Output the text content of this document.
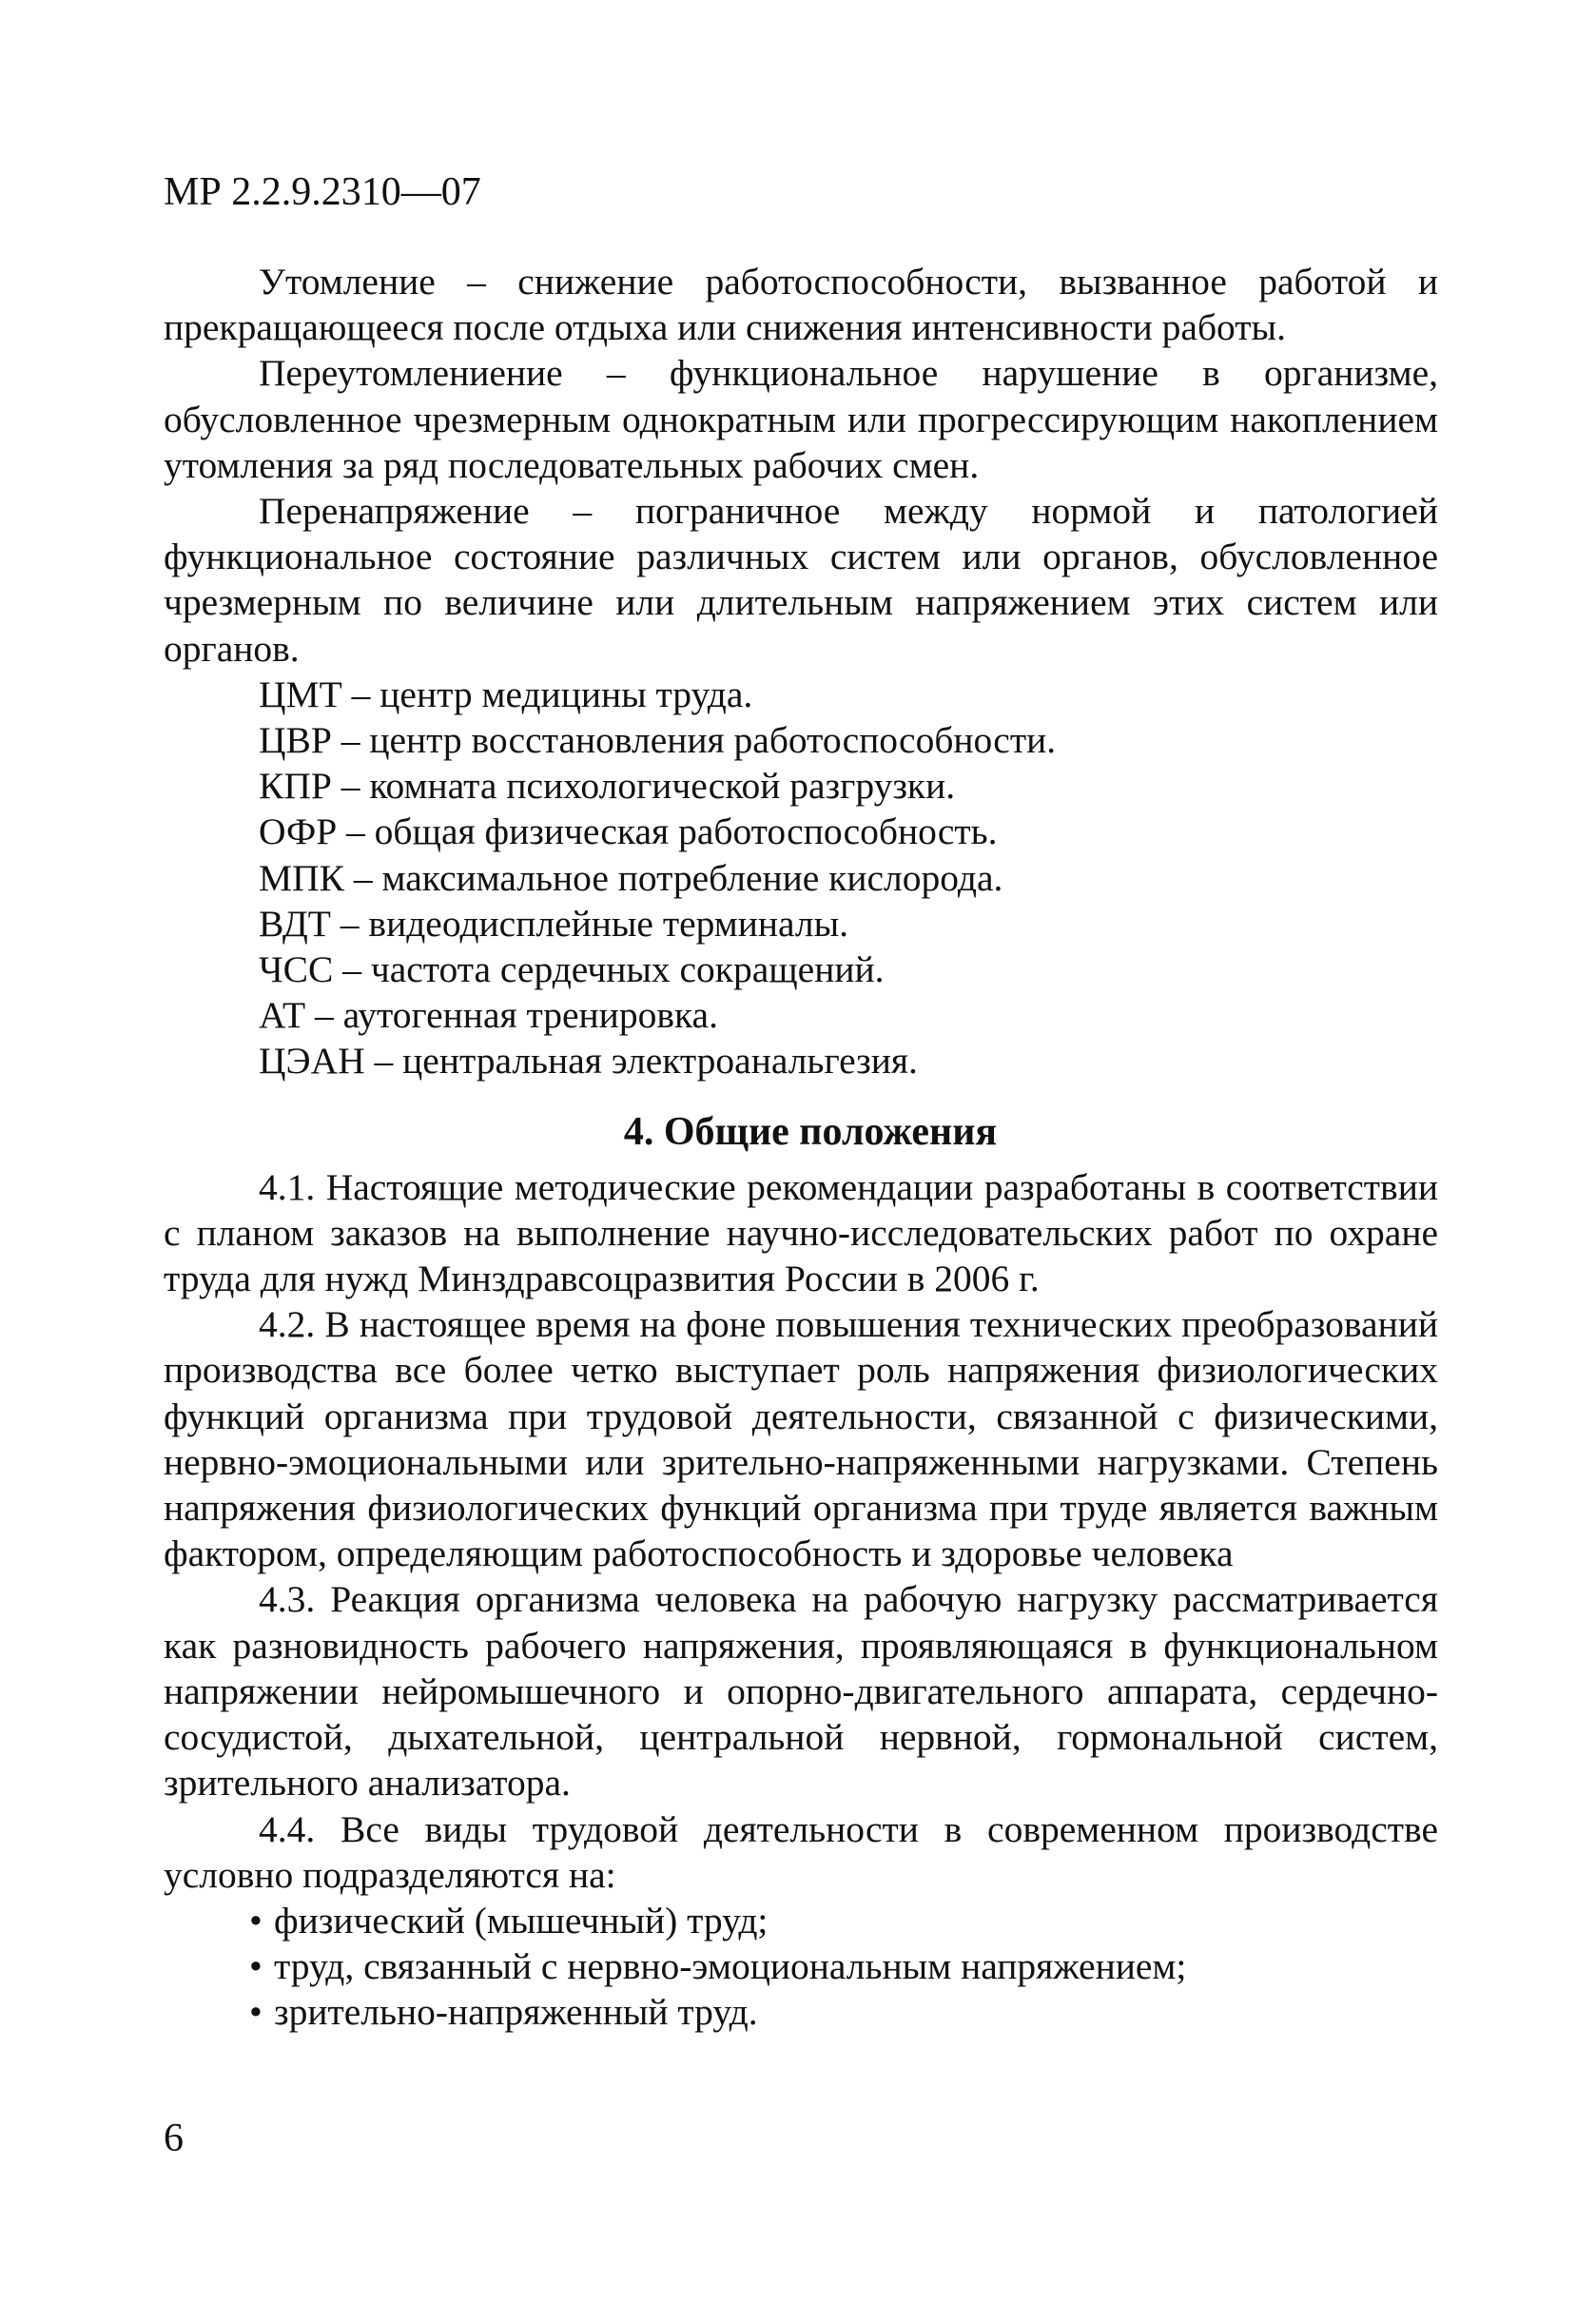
МР 2.2.9.2310—07

Утомление – снижение работоспособности, вызванное работой и прекращающееся после отдыха или снижения интенсивности работы.

Переутомлениение – функциональное нарушение в организме, обусловленное чрезмерным однократным или прогрессирующим накоплением утомления за ряд последовательных рабочих смен.

Перенапряжение – пограничное между нормой и патологией функциональное состояние различных систем или органов, обусловленное чрезмерным по величине или длительным напряжением этих систем или органов.

ЦМТ – центр медицины труда.

ЦВР – центр восстановления работоспособности.

КПР – комната психологической разгрузки.

ОФР – общая физическая работоспособность.

МПК – максимальное потребление кислорода.

ВДТ – видеодисплейные терминалы.

ЧСС – частота сердечных сокращений.

АТ – аутогенная тренировка.

ЦЭАН – центральная электроанальгезия.

4. Общие положения

4.1. Настоящие методические рекомендации разработаны в соответствии с планом заказов на выполнение научно-исследовательских работ по охране труда для нужд Минздравсоцразвития России в 2006 г.

4.2. В настоящее время на фоне повышения технических преобразований производства все более четко выступает роль напряжения физиологических функций организма при трудовой деятельности, связанной с физическими, нервно-эмоциональными или зрительно-напряженными нагрузками. Степень напряжения физиологических функций организма при труде является важным фактором, определяющим работоспособность и здоровье человека

4.3. Реакция организма человека на рабочую нагрузку рассматривается как разновидность рабочего напряжения, проявляющаяся в функциональном напряжении нейромышечного и опорно-двигательного аппарата, сердечно-сосудистой, дыхательной, центральной нервной, гормональной систем, зрительного анализатора.

4.4. Все виды трудовой деятельности в современном производстве условно подразделяются на:

• физический (мышечный) труд;

• труд, связанный с нервно-эмоциональным напряжением;

• зрительно-напряженный труд.

6
